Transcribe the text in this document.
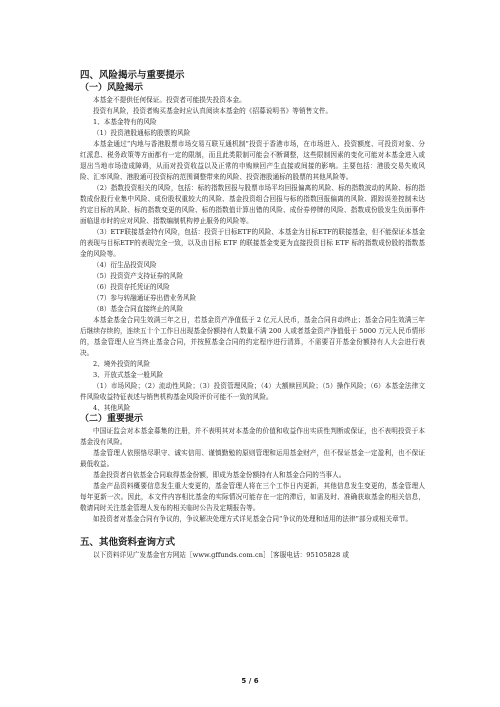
四、风险揭示与重要提示
（一）风险揭示

本基金不提供任何保证。投资者可能损失投资本金。

投资有风险，投资者购买基金时应认真阅读本基金的《招募说明书》等销售文件。

1、本基金特有的风险

（1）投资港股通标的股票的风险

本基金通过“内地与香港股票市场交易互联互通机制”投资于香港市场，在市场进入、投资额度、可投资对象、分红派息、税务政策等方面都有一定的限制，而且此类限制可能会不断调整，这些限制因素的变化可能对本基金进入或退出当地市场造成障碍，从而对投资收益以及正常的申购赎回产生直接或间接的影响。主要包括：港股交易失败风险、汇率风险、港股通可投资标的范围调整带来的风险、投资港股通标的股票的其他风险等。

（2）指数投资相关的风险，包括：标的指数回报与股票市场平均回报偏离的风险、标的指数波动的风险、标的指数成份股行业集中风险、成份股权重较大的风险、基金投资组合回报与标的指数回报偏离的风险、跟踪误差控制未达约定目标的风险、标的指数变更的风险、标的指数值计算出错的风险、成份券停牌的风险、指数成份股发生负面事件面临退市时的应对风险、指数编制机构停止服务的风险等。

（3）ETF联接基金特有风险，包括：投资于目标ETF的风险、本基金为目标ETF的联接基金，但不能保证本基金的表现与目标ETF的表现完全一致，以及由目标 ETF 的联接基金变更为直接投资目标 ETF 标的指数成份股的指数基金的风险等。

（4）衍生品投资风险

（5）投资资产支持证券的风险

（6）投资存托凭证的风险

（7）参与转融通证券出借业务风险

（8）基金合同直接终止的风险

本基金基金合同生效满三年之日，若基金资产净值低于 2 亿元人民币，基金合同自动终止；基金合同生效满三年后继续存续的，连续五十个工作日出现基金份额持有人数量不满 200 人或者基金资产净值低于 5000 万元人民币情形的，基金管理人应当终止基金合同，并按照基金合同的约定程序进行清算，不需要召开基金份额持有人大会进行表决。

2、境外投资的风险

3、开放式基金一般风险

（1）市场风险；（2）流动性风险；（3）投资管理风险；（4）大额赎回风险；（5）操作风险；（6）本基金法律文件风险收益特征表述与销售机构基金风险评价可能不一致的风险。

4、其他风险

（二）重要提示

中国证监会对本基金募集的注册，并不表明其对本基金的价值和收益作出实质性判断或保证，也不表明投资于本基金没有风险。

基金管理人依照恪尽职守、诚实信用、谨慎勤勉的原则管理和运用基金财产，但不保证基金一定盈利，也不保证最低收益。

基金投资者自依基金合同取得基金份额，即成为基金份额持有人和基金合同的当事人。

基金产品资料概要信息发生重大变更的，基金管理人将在三个工作日内更新，其他信息发生变更的，基金管理人每年更新一次。因此，本文件内容相比基金的实际情况可能存在一定的滞后，如需及时、准确获取基金的相关信息，敬请同时关注基金管理人发布的相关临时公告及定期报告等。

如投资者对基金合同有争议的，争议解决处理方式详见基金合同“争议的处理和适用的法律”部分或相关章节。

五、其他资料查询方式

以下资料详见广发基金官方网站［www.gffunds.com.cn］［客服电话：95105828 或

5 / 6
